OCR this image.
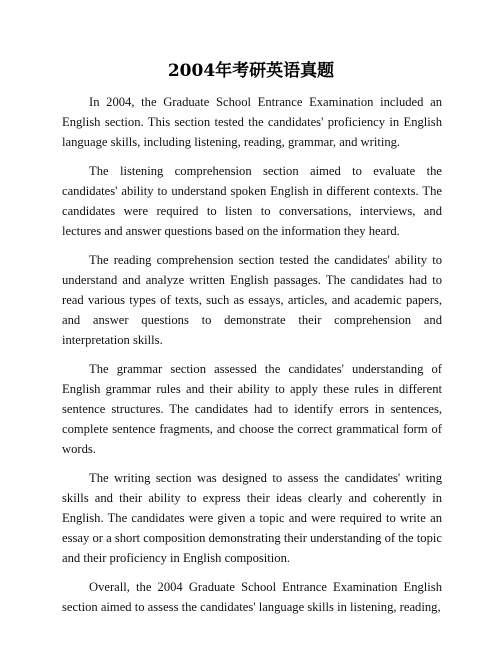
2004年考研英语真题

In 2004, the Graduate School Entrance Examination included an English section. This section tested the candidates' proficiency in English language skills, including listening, reading, grammar, and writing.

The listening comprehension section aimed to evaluate the candidates' ability to understand spoken English in different contexts. The candidates were required to listen to conversations, interviews, and lectures and answer questions based on the information they heard.

The reading comprehension section tested the candidates' ability to understand and analyze written English passages. The candidates had to read various types of texts, such as essays, articles, and academic papers, and answer questions to demonstrate their comprehension and interpretation skills.

The grammar section assessed the candidates' understanding of English grammar rules and their ability to apply these rules in different sentence structures. The candidates had to identify errors in sentences, complete sentence fragments, and choose the correct grammatical form of words.

The writing section was designed to assess the candidates' writing skills and their ability to express their ideas clearly and coherently in English. The candidates were given a topic and were required to write an essay or a short composition demonstrating their understanding of the topic and their proficiency in English composition.

Overall, the 2004 Graduate School Entrance Examination English section aimed to assess the candidates' language skills in listening, reading,
